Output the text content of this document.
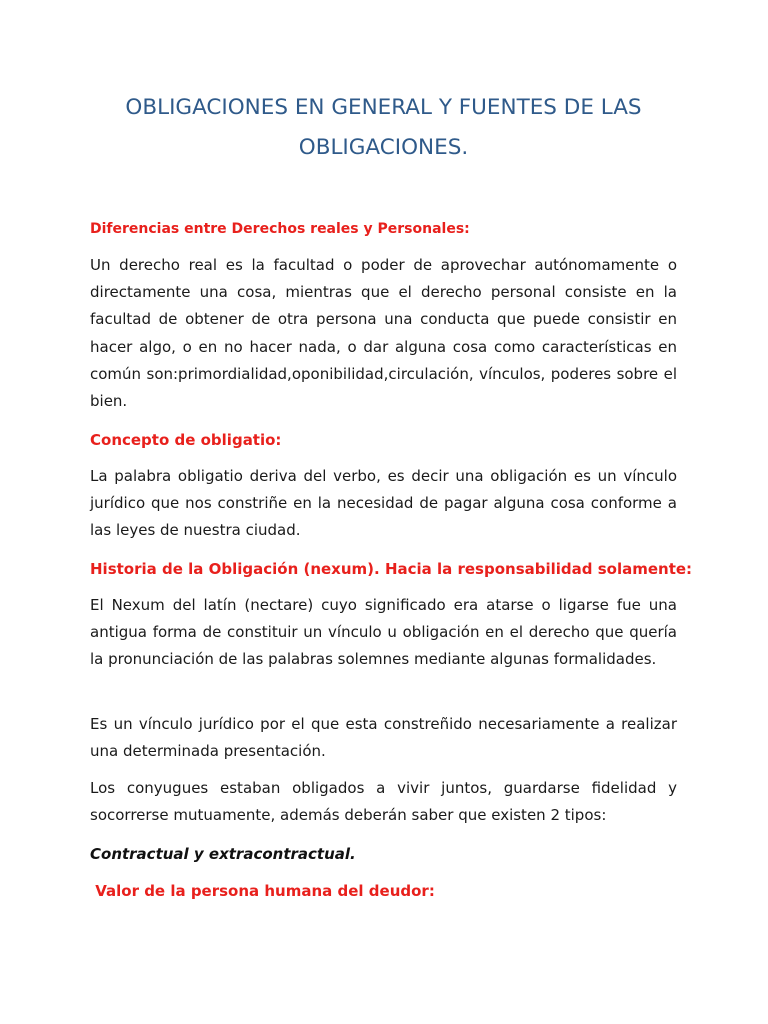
OBLIGACIONES EN GENERAL Y FUENTES DE LAS OBLIGACIONES.
Diferencias entre Derechos reales y Personales:

Un derecho real es la facultad o poder de aprovechar autónomamente o directamente una cosa, mientras que el derecho personal consiste en la facultad de obtener de otra persona una conducta que puede consistir en hacer algo, o en no hacer nada, o dar alguna cosa como características en común son:primordialidad,oponibilidad,circulación, vínculos, poderes sobre el bien.

Concepto de obligatio:

La palabra obligatio deriva del verbo, es decir una obligación es un vínculo jurídico que nos constriñe en la necesidad de pagar alguna cosa conforme a las leyes de nuestra ciudad.

Historia de la Obligación (nexum). Hacia la responsabilidad solamente:

El Nexum del latín (nectare) cuyo significado era atarse o ligarse fue una antigua forma de constituir un vínculo u obligación en el derecho que quería la pronunciación de las palabras solemnes mediante algunas formalidades.

Es un vínculo jurídico por el que esta constreñido necesariamente a realizar una determinada presentación.

Los conyugues estaban obligados a vivir juntos, guardarse fidelidad y socorrerse mutuamente, además deberán saber que existen 2 tipos:

Contractual y extracontractual.

Valor de la persona humana del deudor:
